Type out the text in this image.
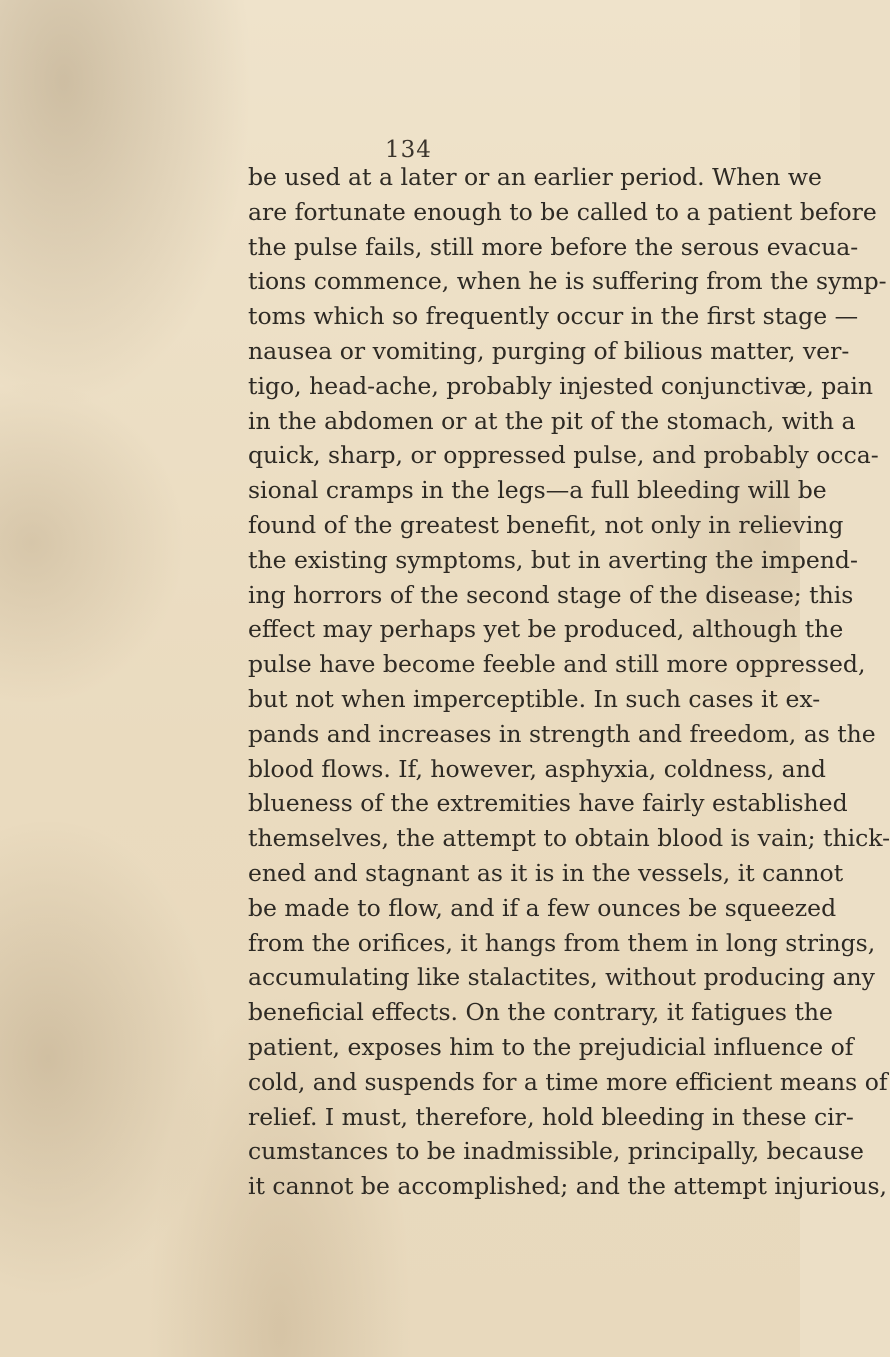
134
be used at a later or an earlier period. When we
are fortunate enough to be called to a patient before
the pulse fails, still more before the serous evacua-
tions commence, when he is suffering from the symp-
toms which so frequently occur in the first stage —
nausea or vomiting, purging of bilious matter, ver-
tigo, head-ache, probably injested conjunctivæ, pain
in the abdomen or at the pit of the stomach, with a
quick, sharp, or oppressed pulse, and probably occa-
sional cramps in the legs—a full bleeding will be
found of the greatest benefit, not only in relieving
the existing symptoms, but in averting the impend-
ing horrors of the second stage of the disease; this
effect may perhaps yet be produced, although the
pulse have become feeble and still more oppressed,
but not when imperceptible. In such cases it ex-
pands and increases in strength and freedom, as the
blood flows. If, however, asphyxia, coldness, and
blueness of the extremities have fairly established
themselves, the attempt to obtain blood is vain; thick-
ened and stagnant as it is in the vessels, it cannot
be made to flow, and if a few ounces be squeezed
from the orifices, it hangs from them in long strings,
accumulating like stalactites, without producing any
beneficial effects. On the contrary, it fatigues the
patient, exposes him to the prejudicial influence of
cold, and suspends for a time more efficient means of
relief. I must, therefore, hold bleeding in these cir-
cumstances to be inadmissible, principally, because
it cannot be accomplished; and the attempt injurious,
